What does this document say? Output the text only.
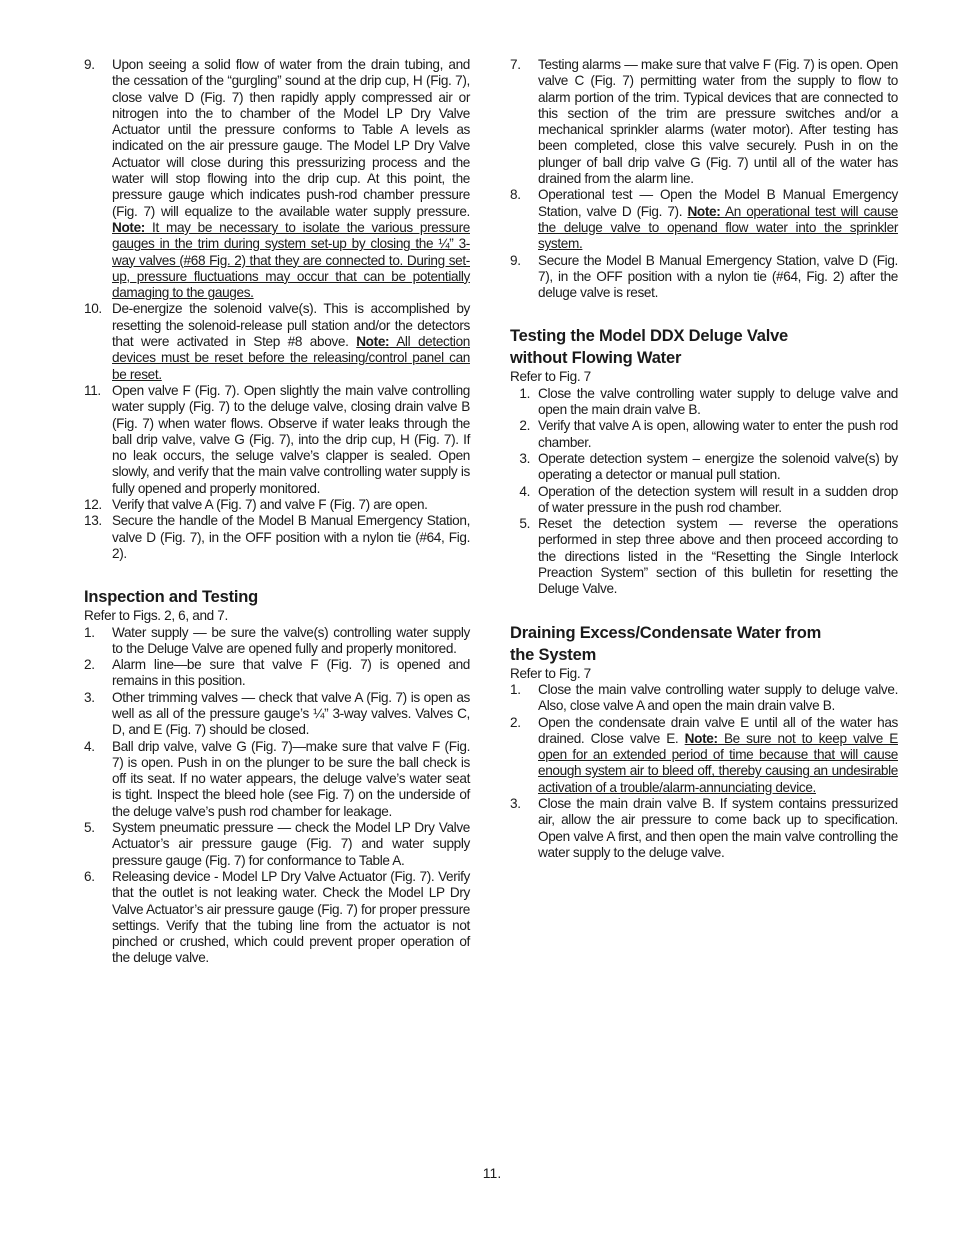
9.	Upon seeing a solid flow of water from the drain tubing, and the cessation of the “gurgling” sound at the drip cup, H (Fig. 7), close valve D (Fig. 7) then rapidly apply compressed air or nitrogen into the to chamber of the Model LP Dry Valve Actuator until the pressure conforms to Table A levels as indicated on the air pressure gauge. The Model LP Dry Valve Actuator will close during this pressurizing process and the water will stop flowing into the drip cup. At this point, the pressure gauge which indicates push-rod chamber pressure (Fig. 7) will equalize to the available water supply pressure. Note: It may be necessary to isolate the various pressure gauges in the trim during system set-up by closing the ¼” 3-way valves (#68 Fig. 2) that they are connected to. During set-up, pressure fluctuations may occur that can be potentially damaging to the gauges.
10. De-energize the solenoid valve(s). This is accomplished by resetting the solenoid-release pull station and/or the detectors that were activated in Step #8 above. Note: All detection devices must be reset before the releasing/control panel can be reset.
11. Open valve F (Fig. 7). Open slightly the main valve controlling water supply (Fig. 7) to the deluge valve, closing drain valve B (Fig. 7) when water flows. Observe if water leaks through the ball drip valve, valve G (Fig. 7), into the drip cup, H (Fig. 7). If no leak occurs, the seluge valve’s clapper is sealed. Open slowly, and verify that the main valve controlling water supply is fully opened and properly monitored.
12. Verify that valve A (Fig. 7) and valve F (Fig. 7) are open.
13. Secure the handle of the Model B Manual Emergency Station, valve D (Fig. 7), in the OFF position with a nylon tie (#64, Fig. 2).
Inspection and Testing

Refer to Figs. 2, 6, and 7.

1.	Water supply — be sure the valve(s) controlling water supply to the Deluge Valve are opened fully and properly monitored.
2.	Alarm line—be sure that valve F (Fig. 7) is opened and remains in this position.
3.	Other trimming valves — check that valve A (Fig. 7) is open as well as all of the pressure gauge’s ¼” 3-way valves. Valves C, D, and E (Fig. 7) should be closed.
4.	Ball drip valve, valve G (Fig. 7)—make sure that valve F (Fig. 7) is open. Push in on the plunger to be sure the ball check is off its seat. If no water appears, the deluge valve’s water seat is tight. Inspect the bleed hole (see Fig. 7) on the underside of the deluge valve’s push rod chamber for leakage.
5.	System pneumatic pressure — check the Model LP Dry Valve Actuator’s air pressure gauge (Fig. 7) and water supply pressure gauge (Fig. 7) for conformance to Table A.
6.	Releasing device - Model LP Dry Valve Actuator (Fig. 7). Verify that the outlet is not leaking water. Check the Model LP Dry Valve Actuator’s air pressure gauge (Fig. 7) for proper pressure settings. Verify that the tubing line from the actuator is not pinched or crushed, which could prevent proper operation of the deluge valve.
7.	Testing alarms — make sure that valve F (Fig. 7) is open. Open valve C (Fig. 7) permitting water from the supply to flow to alarm portion of the trim. Typical devices that are connected to this section of the trim are pressure switches and/or a mechanical sprinkler alarms (water motor). After testing has been completed, close this valve securely. Push in on the plunger of ball drip valve G (Fig. 7) until all of the water has drained from the alarm line.
8.	Operational test — Open the Model B Manual Emergency Station, valve D (Fig. 7). Note: An operational test will cause the deluge valve to openand flow water into the sprinkler system.
9.	Secure the Model B Manual Emergency Station, valve D (Fig. 7), in the OFF position with a nylon tie (#64, Fig. 2) after the deluge valve is reset.
Testing the Model DDX Deluge Valve
without Flowing Water

Refer to Fig. 7

1. Close the valve controlling water supply to deluge valve and open the main drain valve B.
2. Verify that valve A is open, allowing water to enter the push rod chamber.
3. Operate detection system – energize the solenoid valve(s) by operating a detector or manual pull station.
4. Operation of the detection system will result in a sudden drop of water pressure in the push rod chamber.
5. Reset the detection system — reverse the operations performed in step three above and then proceed according to the directions listed in the “Resetting the Single Interlock Preaction System” section of this bulletin for resetting the Deluge Valve.
Draining Excess/Condensate Water from
the System

Refer to Fig. 7

1.	Close the main valve controlling water supply to deluge valve. Also, close valve A and open the main drain valve B.
2.	Open the condensate drain valve E until all of the water has drained. Close valve E. Note: Be sure not to keep valve E open for an extended period of time because that will cause enough system air to bleed off, thereby causing an undesirable activation of a trouble/alarm-annunciating device.
3.	Close the main drain valve B. If system contains pressurized air, allow the air pressure to come back up to specification. Open valve A first, and then open the main valve controlling the water supply to the deluge valve.
11.
